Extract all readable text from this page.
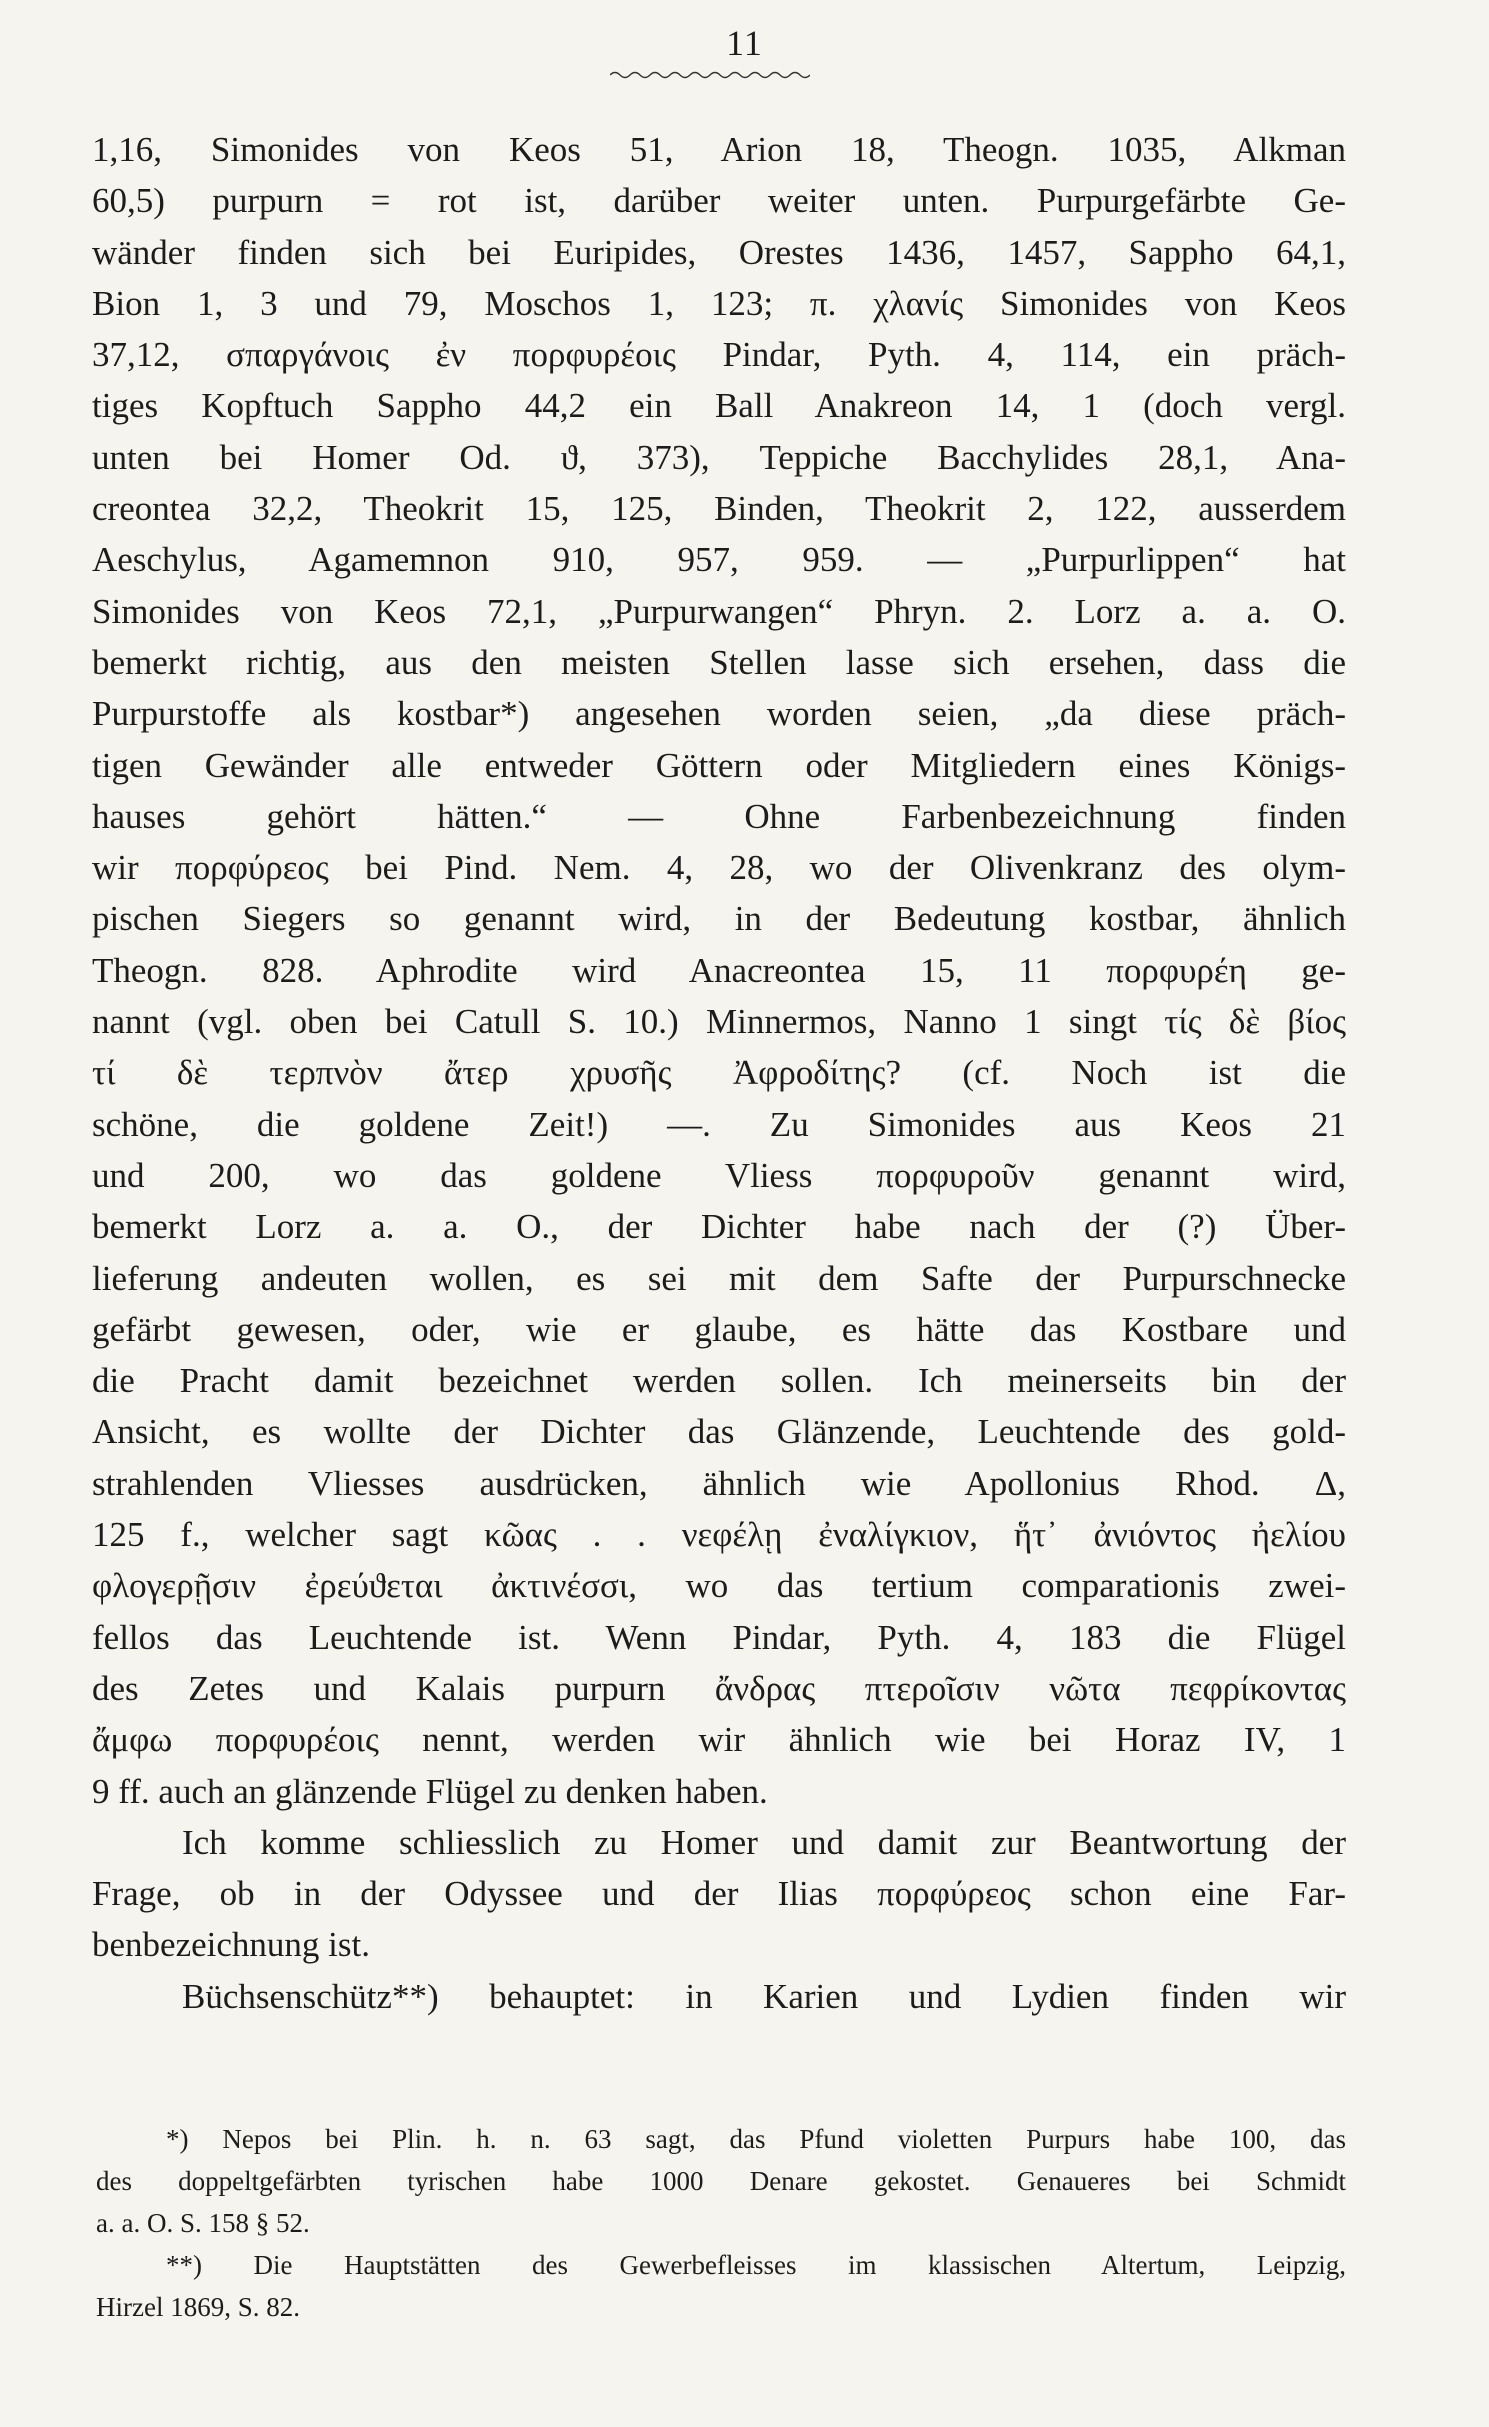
11
1,16, Simonides von Keos 51, Arion 18, Theogn. 1035, Alkman
60,5) purpurn = rot ist, darüber weiter unten. Purpurgefärbte Ge-
wänder finden sich bei Euripides, Orestes 1436, 1457, Sappho 64,1,
Bion 1, 3 und 79, Moschos 1, 123; π. χλανίς Simonides von Keos
37,12, σπαργάνοις ἐν πορφυρέοις Pindar, Pyth. 4, 114, ein präch-
tiges Kopftuch Sappho 44,2 ein Ball Anakreon 14, 1 (doch vergl.
unten bei Homer Od. ϑ, 373), Teppiche Bacchylides 28,1, Ana-
creontea 32,2, Theokrit 15, 125, Binden, Theokrit 2, 122, ausserdem
Aeschylus, Agamemnon 910, 957, 959. — „Purpurlippen“ hat
Simonides von Keos 72,1, „Purpurwangen“ Phryn. 2. Lorz a. a. O.
bemerkt richtig, aus den meisten Stellen lasse sich ersehen, dass die
Purpurstoffe als kostbar*) angesehen worden seien, „da diese präch-
tigen Gewänder alle entweder Göttern oder Mitgliedern eines Königs-
hauses gehört hätten.“ — Ohne Farbenbezeichnung finden
wir πορφύρεος bei Pind. Nem. 4, 28, wo der Olivenkranz des olym-
pischen Siegers so genannt wird, in der Bedeutung kostbar, ähnlich
Theogn. 828. Aphrodite wird Anacreontea 15, 11 πορφυρέη ge-
nannt (vgl. oben bei Catull S. 10.) Minnermos, Nanno 1 singt τίς δὲ βίος
τί δὲ τερπνὸν ἄτερ χρυσῆς Ἀφροδίτης? (cf. Noch ist die
schöne, die goldene Zeit!) —. Zu Simonides aus Keos 21
und 200, wo das goldene Vliess πορφυροῦν genannt wird,
bemerkt Lorz a. a. O., der Dichter habe nach der (?) Über-
lieferung andeuten wollen, es sei mit dem Safte der Purpurschnecke
gefärbt gewesen, oder, wie er glaube, es hätte das Kostbare und
die Pracht damit bezeichnet werden sollen. Ich meinerseits bin der
Ansicht, es wollte der Dichter das Glänzende, Leuchtende des gold-
strahlenden Vliesses ausdrücken, ähnlich wie Apollonius Rhod. Δ,
125 f., welcher sagt κῶας . . νεφέλῃ ἐναλίγκιον, ἥτ᾽ ἀνιόντος ἠελίου
φλογερῇσιν ἐρεύϑεται ἀκτινέσσι, wo das tertium comparationis zwei-
fellos das Leuchtende ist. Wenn Pindar, Pyth. 4, 183 die Flügel
des Zetes und Kalais purpurn ἄνδρας πτεροῖσιν νῶτα πεφρίκοντας
ἄμφω πορφυρέοις nennt, werden wir ähnlich wie bei Horaz IV, 1
9 ff. auch an glänzende Flügel zu denken haben.
Ich komme schliesslich zu Homer und damit zur Beantwortung der
Frage, ob in der Odyssee und der Ilias πορφύρεος schon eine Far-
benbezeichnung ist.
Büchsenschütz**) behauptet: in Karien und Lydien finden wir
*) Nepos bei Plin. h. n. 63 sagt, das Pfund violetten Purpurs habe 100, das
des doppeltgefärbten tyrischen habe 1000 Denare gekostet. Genaueres bei Schmidt
a. a. O. S. 158 § 52.
**) Die Hauptstätten des Gewerbefleisses im klassischen Altertum, Leipzig,
Hirzel 1869, S. 82.
